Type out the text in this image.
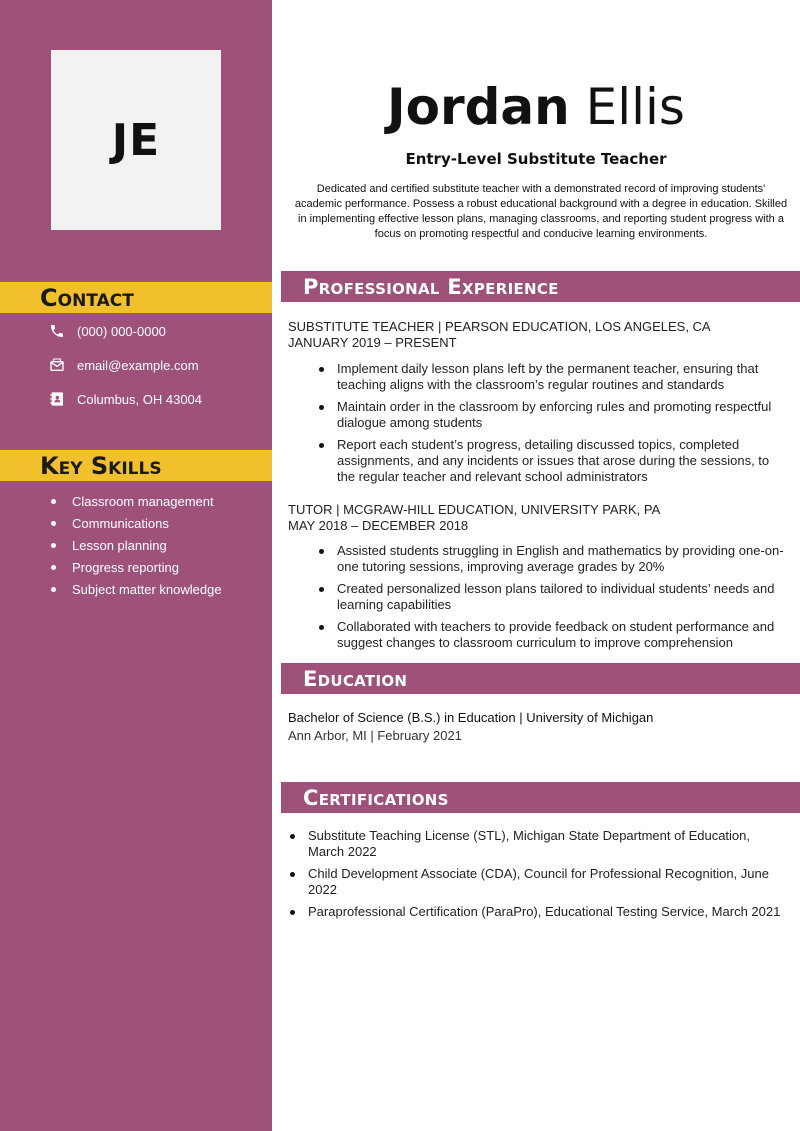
JE
Contact
(000) 000-0000
email@example.com
Columbus, OH 43004
Key Skills
Classroom management
Communications
Lesson planning
Progress reporting
Subject matter knowledge
Jordan Ellis
Entry-Level Substitute Teacher
Dedicated and certified substitute teacher with a demonstrated record of improving students' academic performance. Possess a robust educational background with a degree in education. Skilled in implementing effective lesson plans, managing classrooms, and reporting student progress with a focus on promoting respectful and conducive learning environments.
Professional Experience
SUBSTITUTE TEACHER | PEARSON EDUCATION, LOS ANGELES, CA
JANUARY 2019 – PRESENT
Implement daily lesson plans left by the permanent teacher, ensuring that teaching aligns with the classroom’s regular routines and standards
Maintain order in the classroom by enforcing rules and promoting respectful dialogue among students
Report each student’s progress, detailing discussed topics, completed assignments, and any incidents or issues that arose during the sessions, to the regular teacher and relevant school administrators
TUTOR | MCGRAW-HILL EDUCATION, UNIVERSITY PARK, PA
MAY 2018 – DECEMBER 2018
Assisted students struggling in English and mathematics by providing one-on-one tutoring sessions, improving average grades by 20%
Created personalized lesson plans tailored to individual students’ needs and learning capabilities
Collaborated with teachers to provide feedback on student performance and suggest changes to classroom curriculum to improve comprehension
Education
Bachelor of Science (B.S.) in Education | University of Michigan
Ann Arbor, MI | February 2021
Certifications
Substitute Teaching License (STL), Michigan State Department of Education, March 2022
Child Development Associate (CDA), Council for Professional Recognition, June 2022
Paraprofessional Certification (ParaPro), Educational Testing Service, March 2021
